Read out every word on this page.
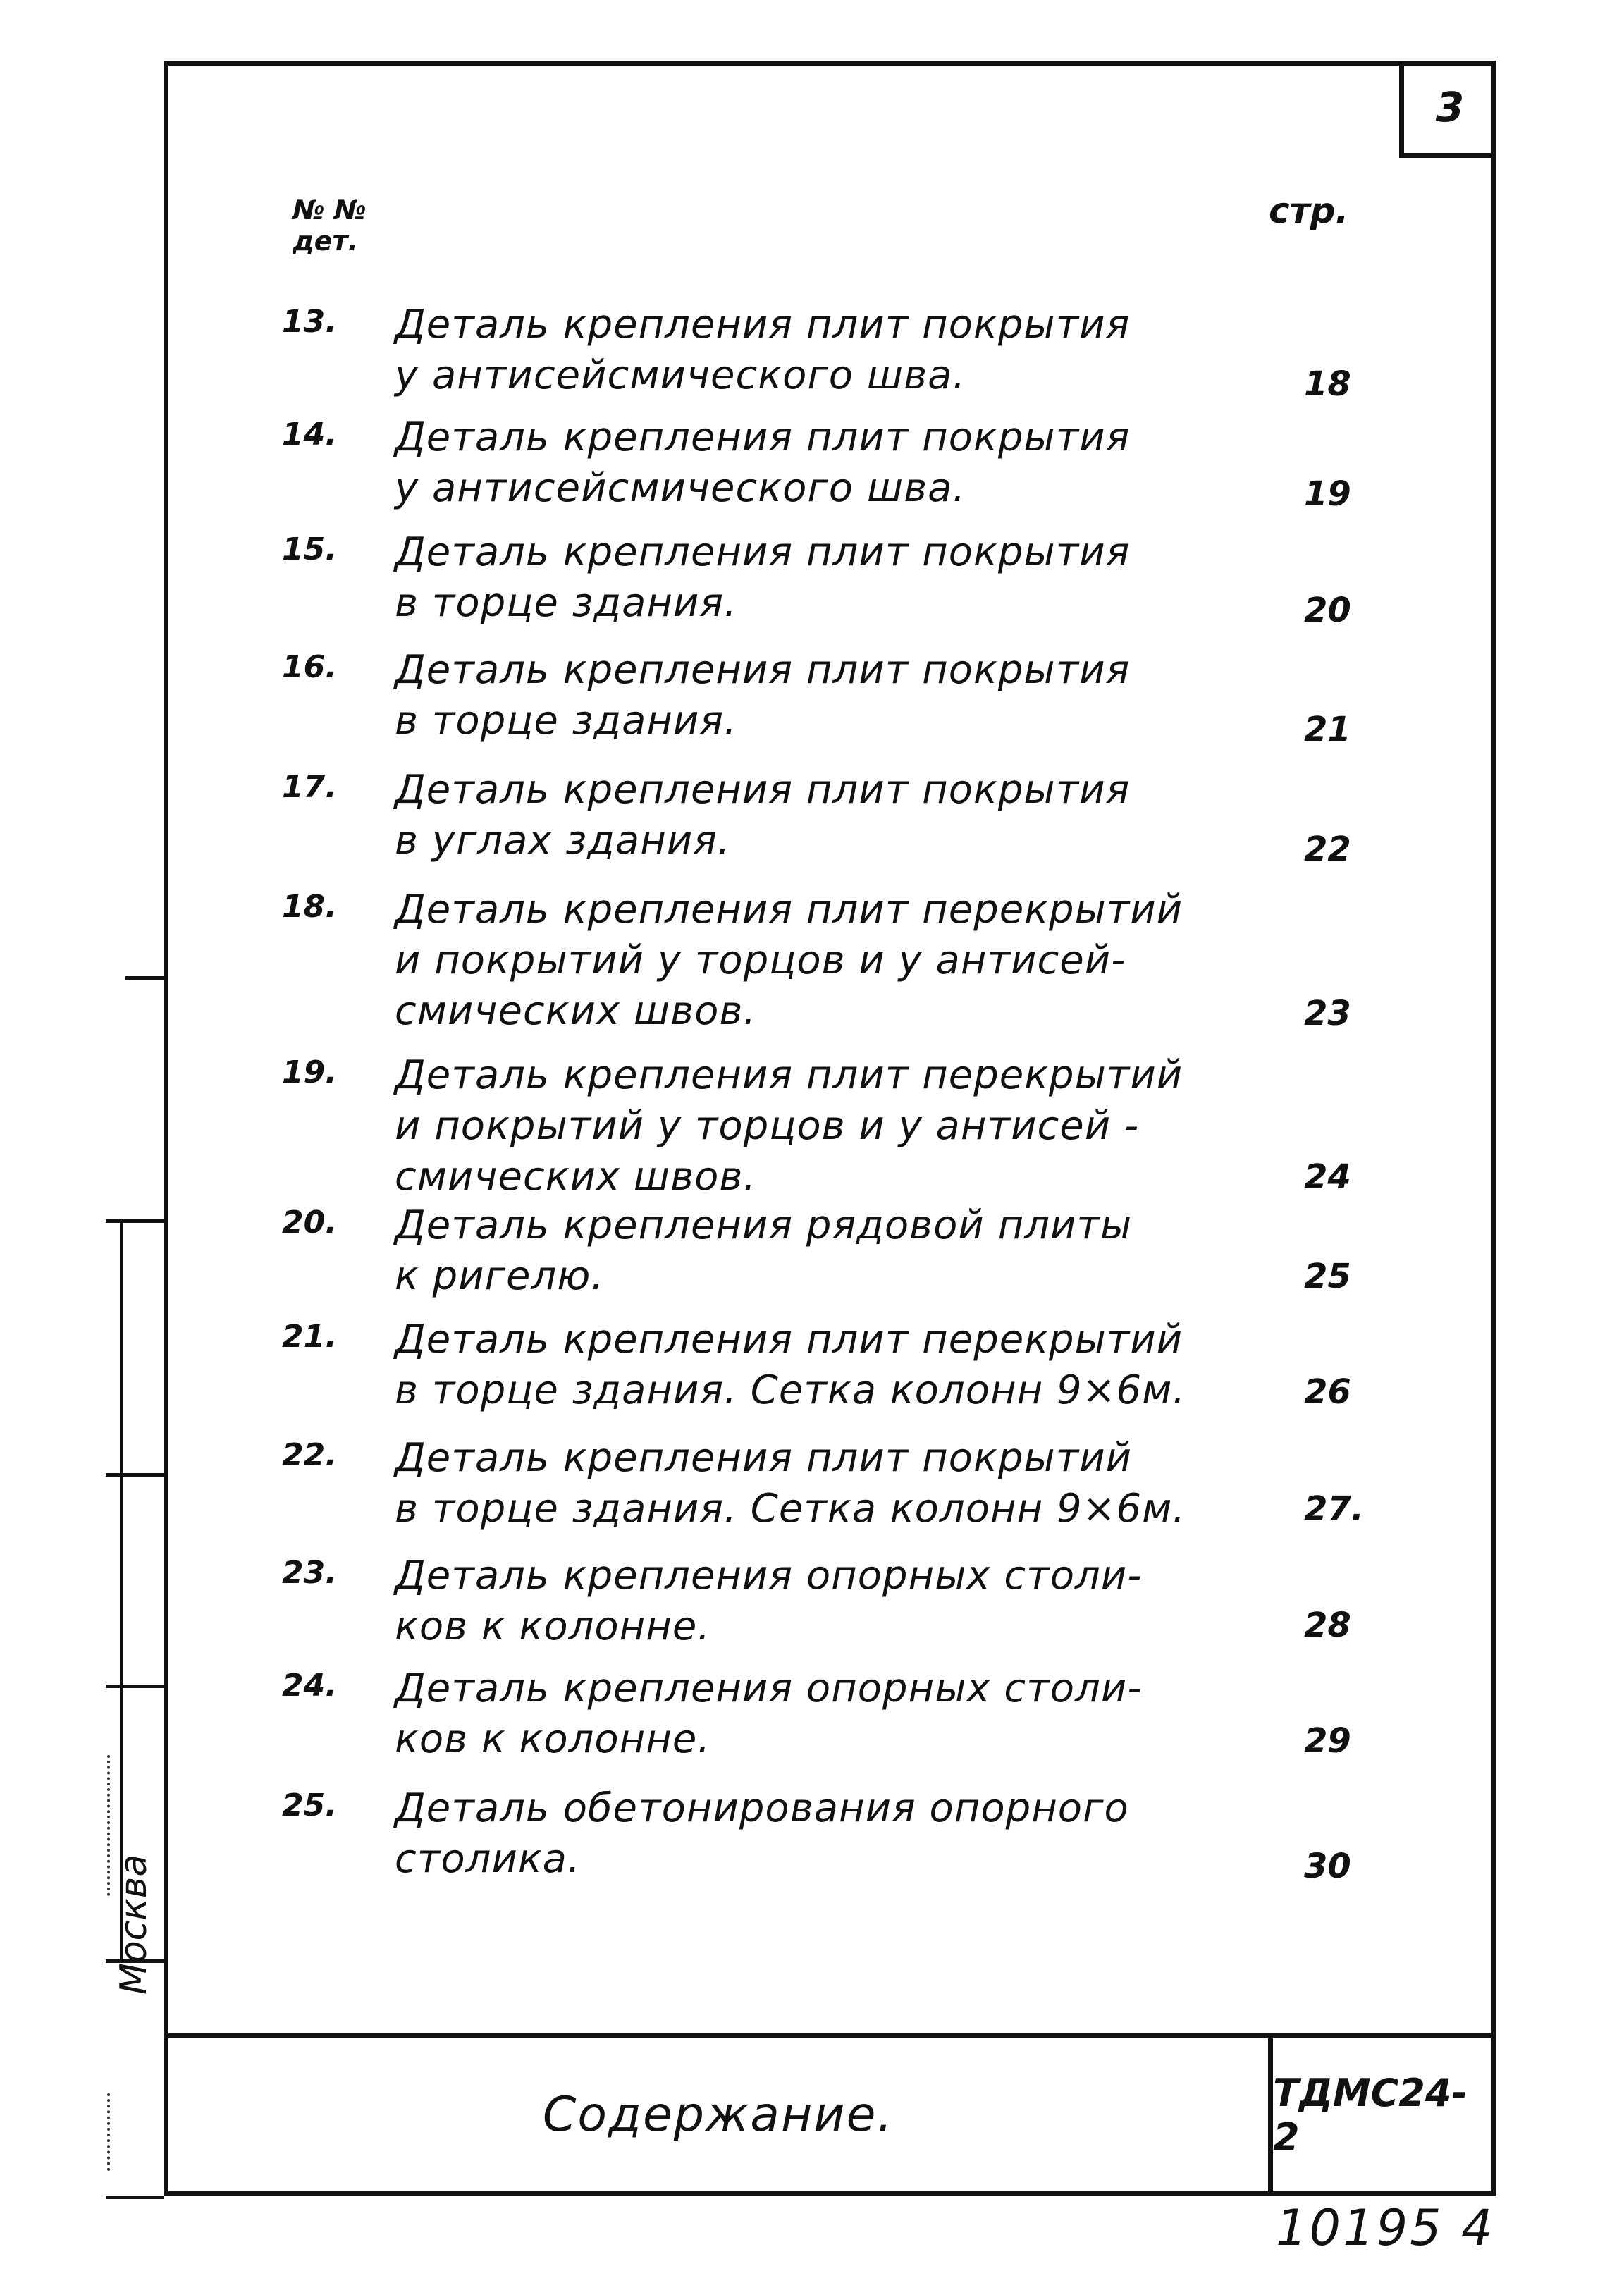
3
№ №
дет.
стр.
13.	Деталь крепления плит покрытия
у антисейсмического шва.	18
14.	Деталь крепления плит покрытия
у антисейсмического шва.	19
15.	Деталь крепления плит покрытия
в торце здания.	20
16.	Деталь крепления плит покрытия
в торце здания.	21
17.	Деталь крепления плит покрытия
в углах здания.	22
18.	Деталь крепления плит перекрытий
и покрытий у торцов и у антисей-
смических швов.	23
19.	Деталь крепления плит перекрытий
и покрытий у торцов и у антисей -
смических швов.	24
20.	Деталь крепления рядовой плиты
к ригелю.	25
21.	Деталь крепления плит перекрытий
в торце здания. Сетка колонн 9×6м.	26
22.	Деталь крепления плит покрытий
в торце здания. Сетка колонн 9×6м.	27.
23.	Деталь крепления опорных столи-
ков к колонне.	28
24.	Деталь крепления опорных столи-
ков к колонне.	29
25.	Деталь обетонирования опорного
столика.	30
Содержание.	ТДМС24-2
Москва
10195 4
